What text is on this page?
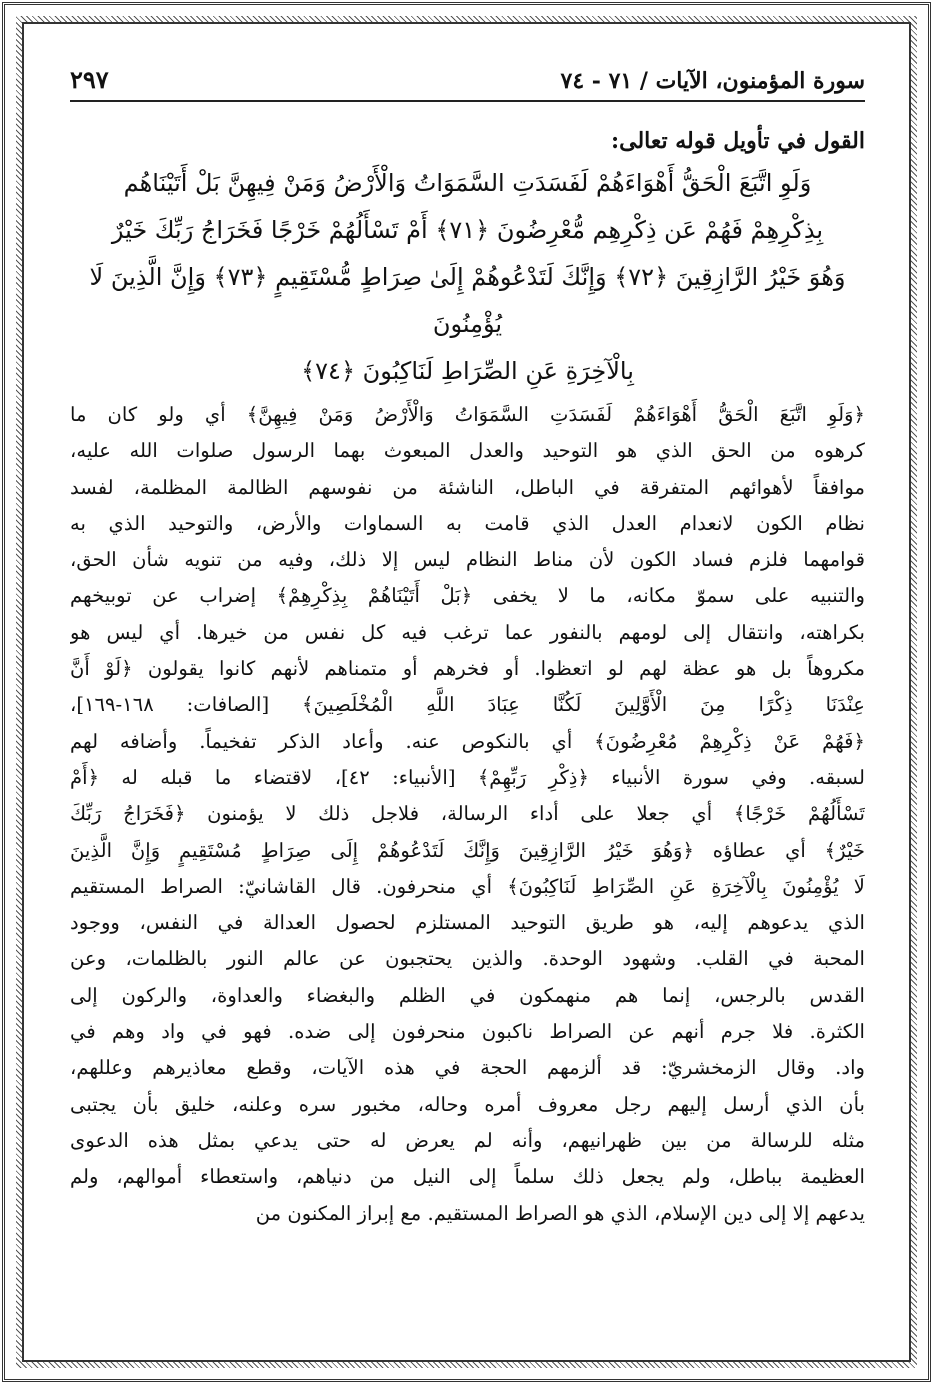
سورة المؤمنون، الآيات / ٧١ - ٧٤
٢٩٧
القول في تأويل قوله تعالى:
وَلَوِ اتَّبَعَ الْحَقُّ أَهْوَاءَهُمْ لَفَسَدَتِ السَّمَوَاتُ وَالْأَرْضُ وَمَنْ فِيهِنَّ بَلْ أَتَيْنَاهُم
بِذِكْرِهِمْ فَهُمْ عَن ذِكْرِهِم مُّعْرِضُونَ ﴿٧١﴾ أَمْ تَسْأَلُهُمْ خَرْجًا فَخَرَاجُ رَبِّكَ خَيْرٌ
وَهُوَ خَيْرُ الرَّازِقِينَ ﴿٧٢﴾ وَإِنَّكَ لَتَدْعُوهُمْ إِلَىٰ صِرَاطٍ مُّسْتَقِيمٍ ﴿٧٣﴾ وَإِنَّ الَّذِينَ لَا يُؤْمِنُونَ
بِالْآخِرَةِ عَنِ الصِّرَاطِ لَنَاكِبُونَ ﴿٧٤﴾
﴿وَلَوِ اتَّبَعَ الْحَقُّ أَهْوَاءَهُمْ لَفَسَدَتِ السَّمَوَاتُ وَالْأَرْضُ وَمَنْ فِيهِنَّ﴾ أي ولو كان ما
كرهوه من الحق الذي هو التوحيد والعدل المبعوث بهما الرسول صلوات الله عليه،
موافقاً لأهوائهم المتفرقة في الباطل، الناشئة من نفوسهم الظالمة المظلمة، لفسد
نظام الكون لانعدام العدل الذي قامت به السماوات والأرض، والتوحيد الذي به
قوامهما فلزم فساد الكون لأن مناط النظام ليس إلا ذلك، وفيه من تنويه شأن الحق،
والتنبيه على سموّ مكانه، ما لا يخفى ﴿بَلْ أَتَيْنَاهُمْ بِذِكْرِهِمْ﴾ إضراب عن توبيخهم
بكراهته، وانتقال إلى لومهم بالنفور عما ترغب فيه كل نفس من خيرها. أي ليس هو
مكروهاً بل هو عظة لهم لو اتعظوا. أو فخرهم أو متمناهم لأنهم كانوا يقولون ﴿لَوْ أَنَّ
عِنْدَنَا ذِكْرًا مِنَ الْأَوَّلِينَ لَكُنَّا عِبَادَ اللَّهِ الْمُخْلَصِينَ﴾ [الصافات: ١٦٨-١٦٩]،
﴿فَهُمْ عَنْ ذِكْرِهِمْ مُعْرِضُونَ﴾ أي بالنكوص عنه. وأعاد الذكر تفخيماً. وأضافه لهم
لسبقه. وفي سورة الأنبياء ﴿ذِكْرِ رَبِّهِمْ﴾ [الأنبياء: ٤٢]، لاقتضاء ما قبله له ﴿أَمْ
تَسْأَلُهُمْ خَرْجًا﴾ أي جعلا على أداء الرسالة، فلاجل ذلك لا يؤمنون ﴿فَخَرَاجُ رَبِّكَ
خَيْرٌ﴾ أي عطاؤه ﴿وَهُوَ خَيْرُ الرَّازِقِينَ وَإِنَّكَ لَتَدْعُوهُمْ إِلَى صِرَاطٍ مُسْتَقِيمٍ وَإِنَّ الَّذِينَ
لَا يُؤْمِنُونَ بِالْآخِرَةِ عَنِ الصِّرَاطِ لَنَاكِبُونَ﴾ أي منحرفون. قال القاشانيّ: الصراط المستقيم
الذي يدعوهم إليه، هو طريق التوحيد المستلزم لحصول العدالة في النفس، ووجود
المحبة في القلب. وشهود الوحدة. والذين يحتجبون عن عالم النور بالظلمات، وعن
القدس بالرجس، إنما هم منهمكون في الظلم والبغضاء والعداوة، والركون إلى
الكثرة. فلا جرم أنهم عن الصراط ناكبون منحرفون إلى ضده. فهو في واد وهم في
واد. وقال الزمخشريّ: قد ألزمهم الحجة في هذه الآيات، وقطع معاذيرهم وعللهم،
بأن الذي أرسل إليهم رجل معروف أمره وحاله، مخبور سره وعلنه، خليق بأن يجتبى
مثله للرسالة من بين ظهرانيهم، وأنه لم يعرض له حتى يدعي بمثل هذه الدعوى
العظيمة بباطل، ولم يجعل ذلك سلماً إلى النيل من دنياهم، واستعطاء أموالهم، ولم
يدعهم إلا إلى دين الإسلام، الذي هو الصراط المستقيم. مع إبراز المكنون من
